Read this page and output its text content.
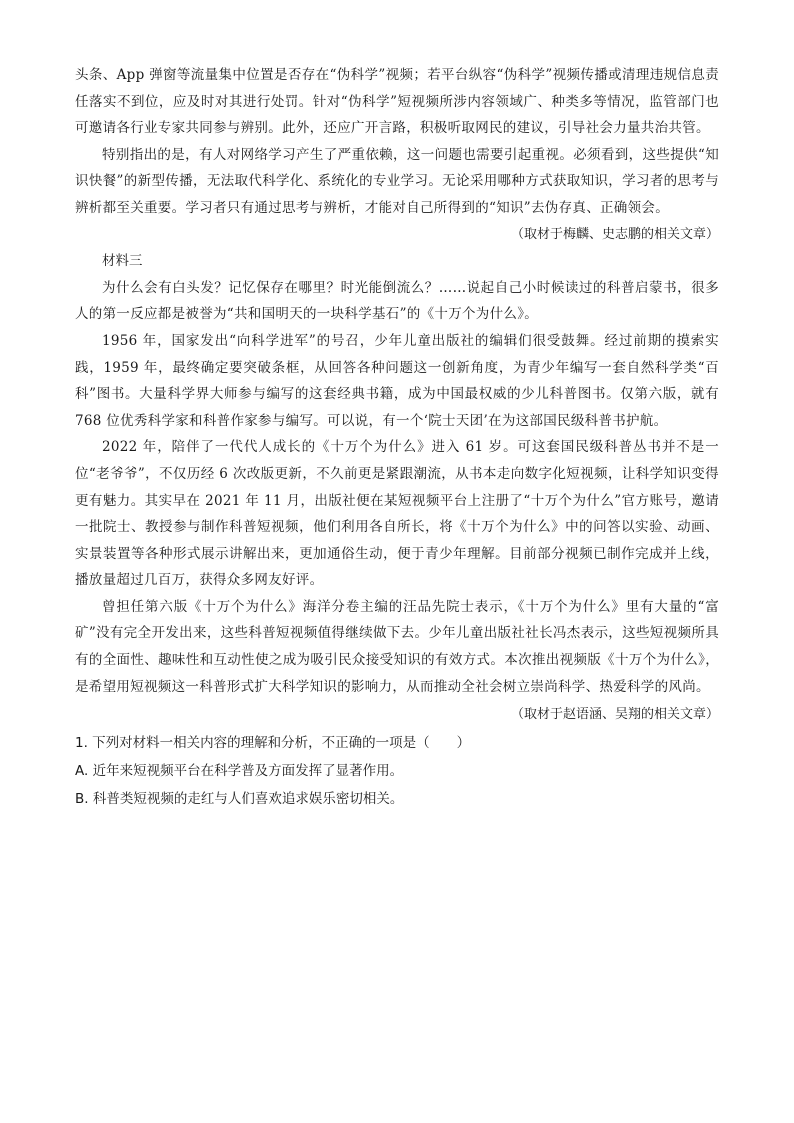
头条、App 弹窗等流量集中位置是否存在“伪科学”视频；若平台纵容“伪科学”视频传播或清理违规信息责任落实不到位，应及时对其进行处罚。针对“伪科学”短视频所涉内容领域广、种类多等情况，监管部门也可邀请各行业专家共同参与辨别。此外，还应广开言路，积极听取网民的建议，引导社会力量共治共管。

特别指出的是，有人对网络学习产生了严重依赖，这一问题也需要引起重视。必须看到，这些提供“知识快餐”的新型传播，无法取代科学化、系统化的专业学习。无论采用哪种方式获取知识，学习者的思考与辨析都至关重要。学习者只有通过思考与辨析，才能对自己所得到的“知识”去伪存真、正确领会。

（取材于梅麟、史志鹏的相关文章）

材料三

为什么会有白头发？记忆保存在哪里？时光能倒流么？……说起自己小时候读过的科普启蒙书，很多人的第一反应都是被誉为“共和国明天的一块科学基石”的《十万个为什么》。

1956 年，国家发出“向科学进军”的号召，少年儿童出版社的编辑们很受鼓舞。经过前期的摸索实践，1959 年，最终确定要突破条框，从回答各种问题这一创新角度，为青少年编写一套自然科学类“百科”图书。大量科学界大师参与编写的这套经典书籍，成为中国最权威的少儿科普图书。仅第六版，就有 768 位优秀科学家和科普作家参与编写。可以说，有一个‘院士天团’在为这部国民级科普书护航。

2022 年，陪伴了一代代人成长的《十万个为什么》进入 61 岁。可这套国民级科普丛书并不是一位“老爷爷”，不仅历经 6 次改版更新，不久前更是紧跟潮流，从书本走向数字化短视频，让科学知识变得更有魅力。其实早在 2021 年 11 月，出版社便在某短视频平台上注册了“十万个为什么”官方账号，邀请一批院士、教授参与制作科普短视频，他们利用各自所长，将《十万个为什么》中的问答以实验、动画、实景装置等各种形式展示讲解出来，更加通俗生动，便于青少年理解。目前部分视频已制作完成并上线，播放量超过几百万，获得众多网友好评。

曾担任第六版《十万个为什么》海洋分卷主编的汪品先院士表示，《十万个为什么》里有大量的“富矿”没有完全开发出来，这些科普短视频值得继续做下去。少年儿童出版社社长冯杰表示，这些短视频所具有的全面性、趣味性和互动性使之成为吸引民众接受知识的有效方式。本次推出视频版《十万个为什么》，是希望用短视频这一科普形式扩大科学知识的影响力，从而推动全社会树立崇尚科学、热爱科学的风尚。

（取材于赵语涵、吴翔的相关文章）

1. 下列对材料一相关内容的理解和分析，不正确的一项是（　　）

A. 近年来短视频平台在科学普及方面发挥了显著作用。

B. 科普类短视频的走红与人们喜欢追求娱乐密切相关。
